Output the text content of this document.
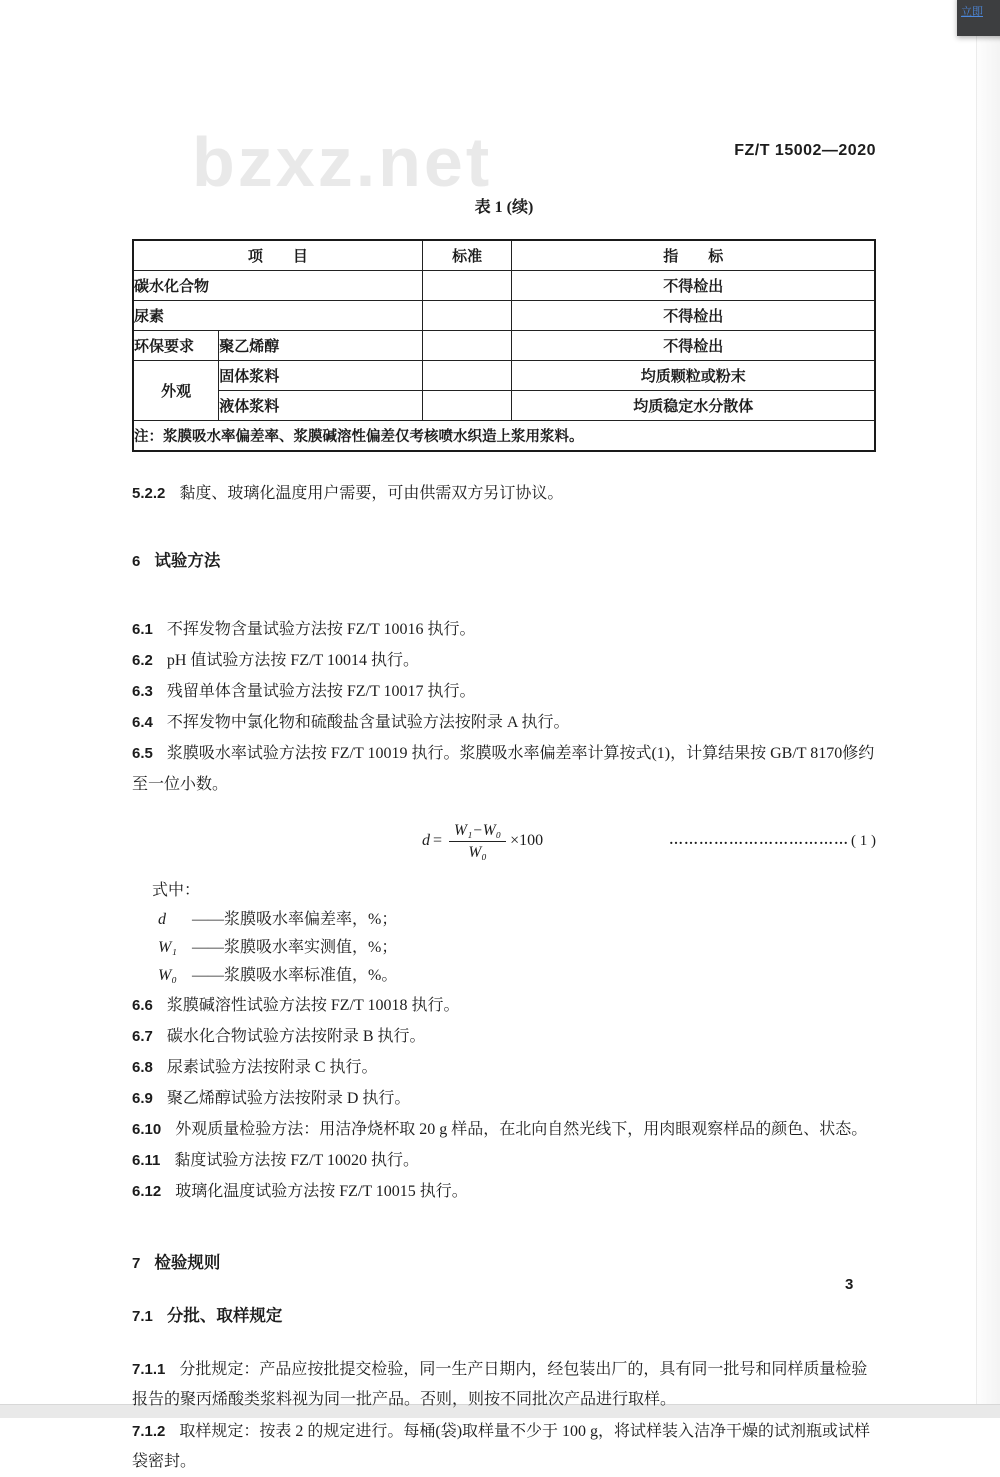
bzxz.net
立即
FZ/T 15002—2020
表 1 (续)
项　　目		标准	指　　标
碳水化合物			不得检出
尿素			不得检出
环保要求	聚乙烯醇		不得检出
外观	固体浆料		均质颗粒或粉末
	液体浆料		均质稳定水分散体
注：浆膜吸水率偏差率、浆膜碱溶性偏差仅考核喷水织造上浆用浆料。			

5.2.2 黏度、玻璃化温度用户需要，可由供需双方另订协议。

6 试验方法

6.1 不挥发物含量试验方法按 FZ/T 10016 执行。

6.2 pH 值试验方法按 FZ/T 10014 执行。

6.3 残留单体含量试验方法按 FZ/T 10017 执行。

6.4 不挥发物中氯化物和硫酸盐含量试验方法按附录 A 执行。

6.5 浆膜吸水率试验方法按 FZ/T 10019 执行。浆膜吸水率偏差率计算按式(1)，计算结果按 GB/T 8170修约至一位小数。

$d = \frac{\text{W₁−W₀}}{\text{W₀}} \times 100$	……………………………… ( 1 )

式中：

d ——浆膜吸水率偏差率，%；

W₁ ——浆膜吸水率实测值，%；

W₀ ——浆膜吸水率标准值，%。

6.6 浆膜碱溶性试验方法按 FZ/T 10018 执行。

6.7 碳水化合物试验方法按附录 B 执行。

6.8 尿素试验方法按附录 C 执行。

6.9 聚乙烯醇试验方法按附录 D 执行。

6.10 外观质量检验方法：用洁净烧杯取 20 g 样品，在北向自然光线下，用肉眼观察样品的颜色、状态。

6.11 黏度试验方法按 FZ/T 10020 执行。

6.12 玻璃化温度试验方法按 FZ/T 10015 执行。

7 检验规则

7.1 分批、取样规定

7.1.1 分批规定：产品应按批提交检验，同一生产日期内，经包装出厂的，具有同一批号和同样质量检验报告的聚丙烯酸类浆料视为同一批产品。否则，则按不同批次产品进行取样。

7.1.2 取样规定：按表 2 的规定进行。每桶(袋)取样量不少于 100 g，将试样装入洁净干燥的试剂瓶或试样袋密封。

3
